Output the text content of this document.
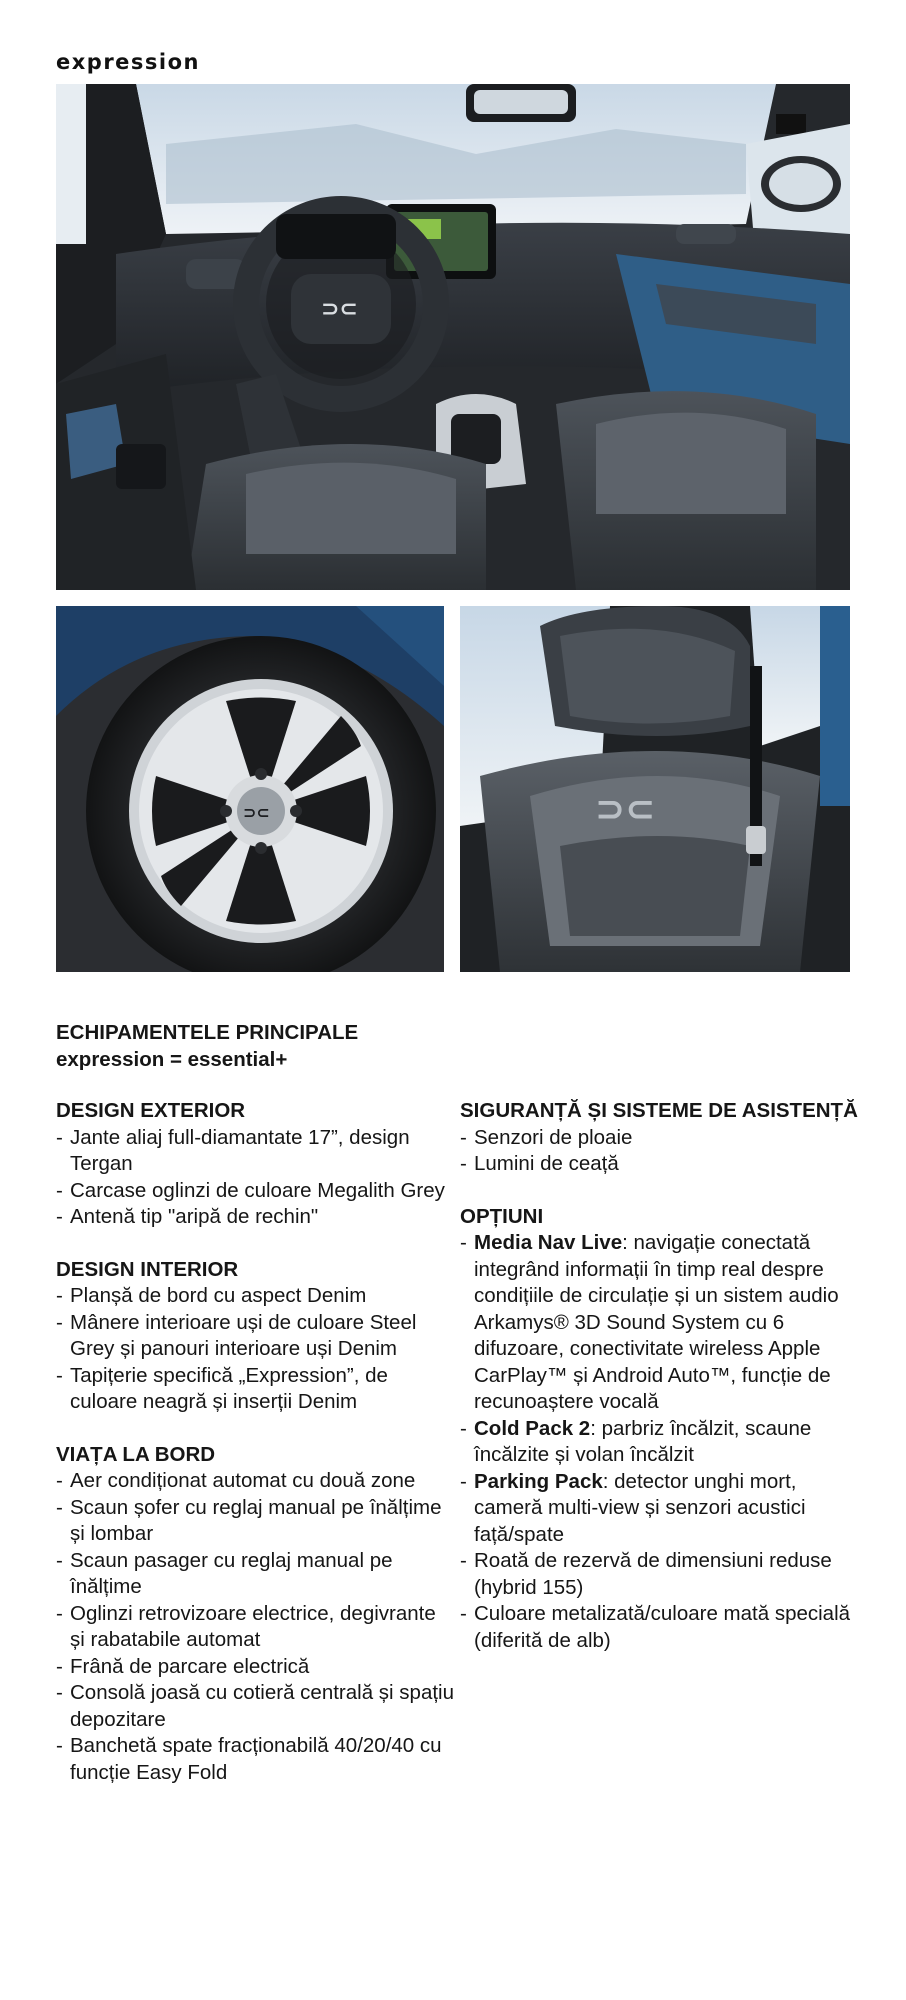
expression
⊃⊂
⊃⊂	⊃⊂
ECHIPAMENTELE PRINCIPALE
expression = essential+
DESIGN EXTERIOR
- Jante aliaj full-diamantate 17”, design Tergan
- Carcase oglinzi de culoare Megalith Grey
- Antenă tip "aripă de rechin"
DESIGN INTERIOR
- Planșă de bord cu aspect Denim
- Mânere interioare uși de culoare Steel Grey și panouri interioare uși Denim
- Tapițerie specifică „Expression”, de culoare neagră și inserții Denim
VIAȚA LA BORD
- Aer condiționat automat cu două zone
- Scaun șofer cu reglaj manual pe înălțime și lombar
- Scaun pasager cu reglaj manual pe înălțime
- Oglinzi retrovizoare electrice, degivrante și rabatabile automat
- Frână de parcare electrică
- Consolă joasă cu cotieră centrală și spațiu depozitare
- Banchetă spate fracționabilă 40/20/40 cu funcție Easy Fold
SIGURANȚĂ ȘI SISTEME DE ASISTENȚĂ
- Senzori de ploaie
- Lumini de ceață
OPȚIUNI
- Media Nav Live: navigație conectată integrând informații în timp real despre condițiile de circulație și un sistem audio Arkamys® 3D Sound System cu 6 difuzoare, conectivitate wireless Apple CarPlay™ și Android Auto™, funcție de recunoaștere vocală
- Cold Pack 2: parbriz încălzit, scaune încălzite și volan încălzit
- Parking Pack: detector unghi mort, cameră multi-view și senzori acustici față/spate
- Roată de rezervă de dimensiuni reduse (hybrid 155)
- Culoare metalizată/culoare mată specială (diferită de alb)
